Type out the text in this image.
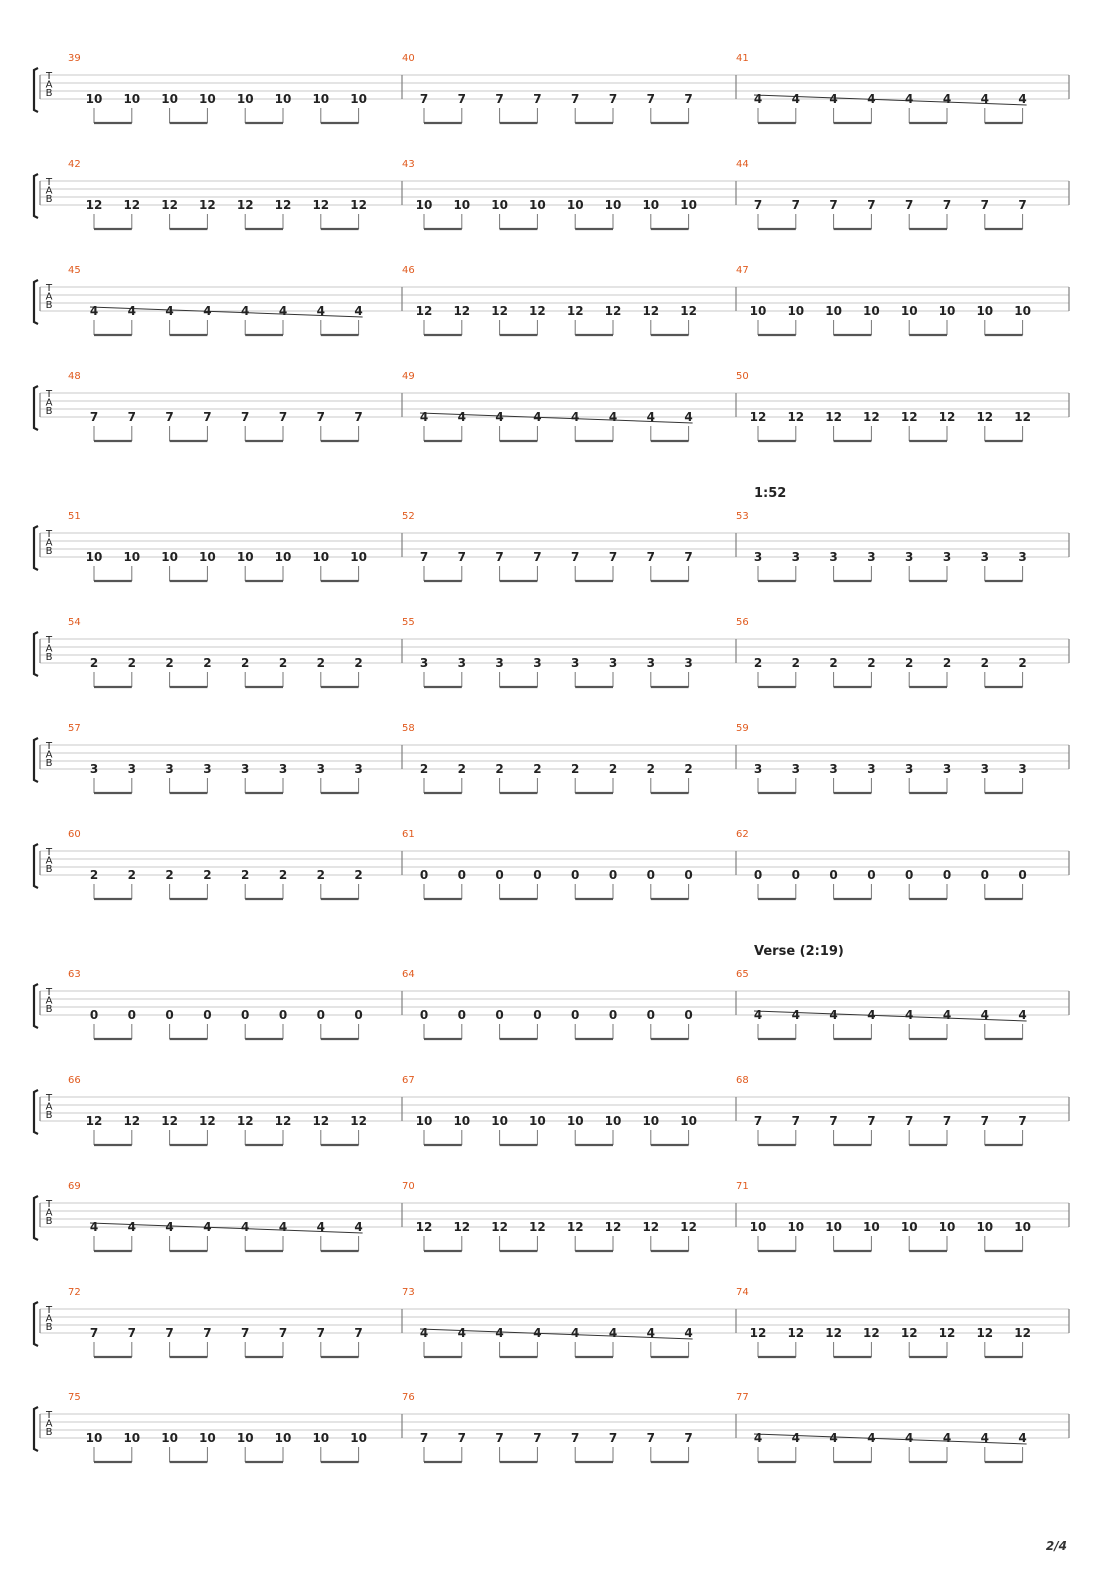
2/4
T
A
B
39
10 10 10 10 10 10 10 10
40
7 7 7 7 7 7 7 7
41
4 4 4 4 4 4 4 4
T
A
B
42
12 12 12 12 12 12 12 12
43
10 10 10 10 10 10 10 10
44
7 7 7 7 7 7 7 7
T
A
B
45
4 4 4 4 4 4 4 4
46
12 12 12 12 12 12 12 12
47
10 10 10 10 10 10 10 10
T
A
B
48
7 7 7 7 7 7 7 7
49
4 4 4 4 4 4 4 4
50
12 12 12 12 12 12 12 12
1:52
T
A
B
51
10 10 10 10 10 10 10 10
52
7 7 7 7 7 7 7 7
53
3 3 3 3 3 3 3 3
T
A
B
54
2 2 2 2 2 2 2 2
55
3 3 3 3 3 3 3 3
56
2 2 2 2 2 2 2 2
T
A
B
57
3 3 3 3 3 3 3 3
58
2 2 2 2 2 2 2 2
59
3 3 3 3 3 3 3 3
T
A
B
60
2 2 2 2 2 2 2 2
61
0 0 0 0 0 0 0 0
62
0 0 0 0 0 0 0 0
Verse (2:19)
T
A
B
63
0 0 0 0 0 0 0 0
64
0 0 0 0 0 0 0 0
65
4 4 4 4 4 4 4 4
T
A
B
66
12 12 12 12 12 12 12 12
67
10 10 10 10 10 10 10 10
68
7 7 7 7 7 7 7 7
T
A
B
69
4 4 4 4 4 4 4 4
70
12 12 12 12 12 12 12 12
71
10 10 10 10 10 10 10 10
T
A
B
72
7 7 7 7 7 7 7 7
73
4 4 4 4 4 4 4 4
74
12 12 12 12 12 12 12 12
T
A
B
75
10 10 10 10 10 10 10 10
76
7 7 7 7 7 7 7 7
77
4 4 4 4 4 4 4 4
